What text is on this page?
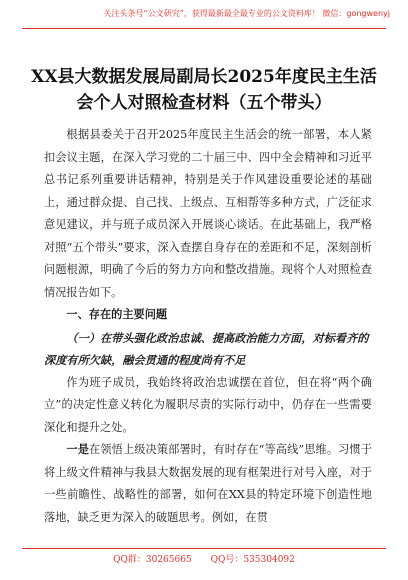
关注头条号“公文研究”，获得最新最全最专业的公文资料库！ 微信：gongwenyj
XX县大数据发展局副局长2025年度民主生活会个人对照检查材料（五个带头）

根据县委关于召开2025年度民主生活会的统一部署，本人紧扣会议主题，在深入学习党的二十届三中、四中全会精神和习近平总书记系列重要讲话精神，特别是关于作风建设重要论述的基础上，通过群众提、自己找、上级点、互相帮等多种方式，广泛征求意见建议，并与班子成员深入开展谈心谈话。在此基础上，我严格对照“五个带头”要求，深入查摆自身存在的差距和不足，深刻剖析问题根源，明确了今后的努力方向和整改措施。现将个人对照检查情况报告如下。

一、存在的主要问题

（一）在带头强化政治忠诚、提高政治能力方面，对标看齐的深度有所欠缺，融会贯通的程度尚有不足

作为班子成员，我始终将政治忠诚摆在首位，但在将“两个确立”的决定性意义转化为履职尽责的实际行动中，仍存在一些需要深化和提升之处。

一是在领悟上级决策部署时，有时存在“等高线”思维。习惯于将上级文件精神与我县大数据发展的现有框架进行对号入座，对于一些前瞻性、战略性的部署，如何在XX县的特定环境下创造性地落地，缺乏更为深入的破题思考。例如，在贯

QQ群：30265665 QQ号：535304092
